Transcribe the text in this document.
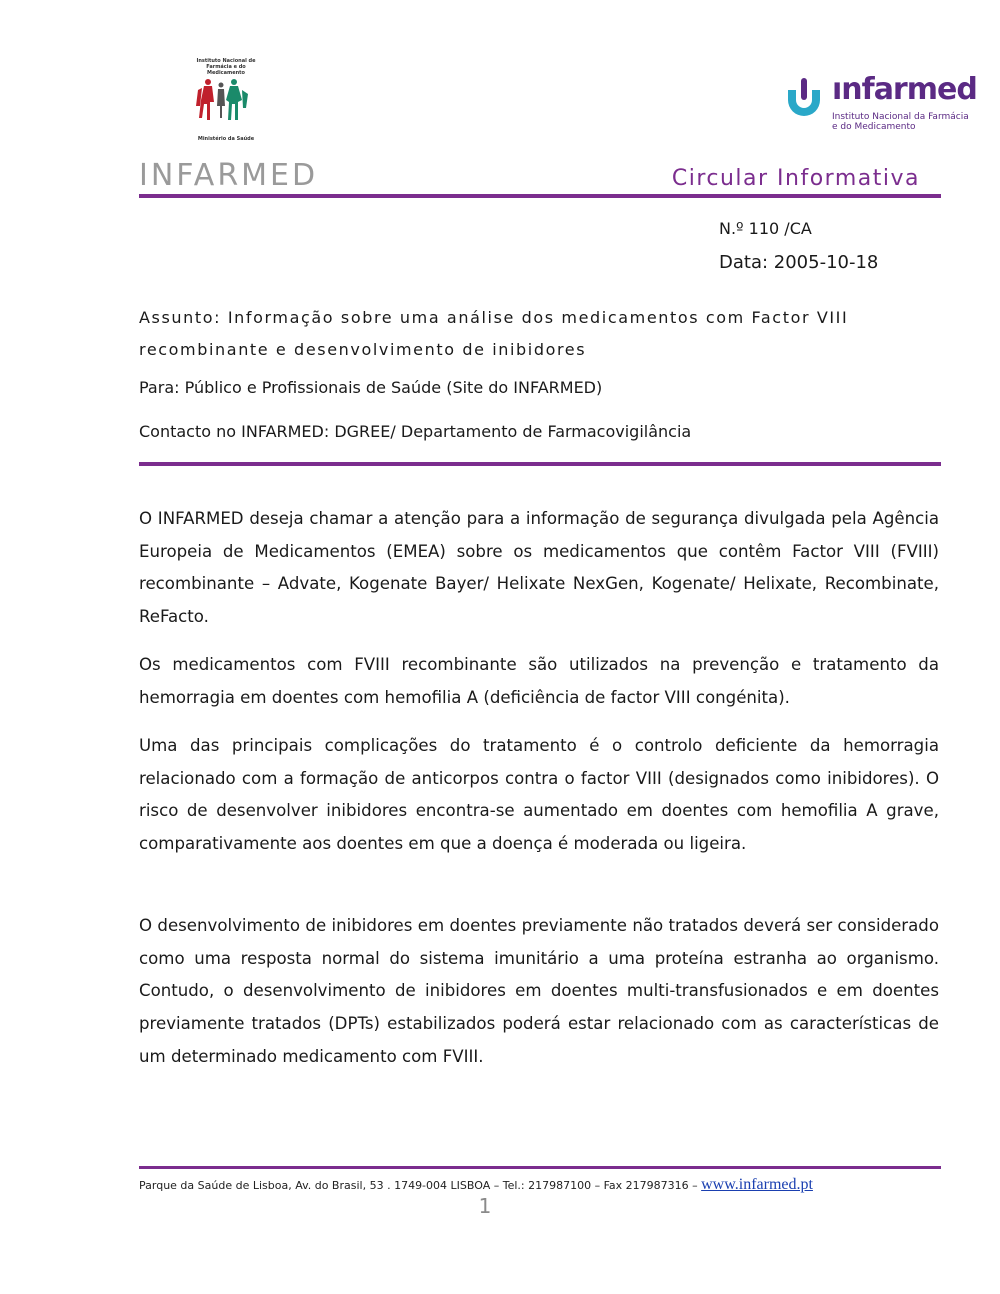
Instituto Nacional de Farmácia e do Medicamento
Ministério da Saúde
ınfarmed
Instituto Nacional da Farmácia e do Medicamento
INFARMED	Circular Informativa
N.º 110 /CA
Data: 2005-10-18
Assunto: Informação sobre uma análise dos medicamentos com Factor VIII recombinante e desenvolvimento de inibidores
Para: Público e Profissionais de Saúde (Site do INFARMED)
Contacto no INFARMED: DGREE/ Departamento de Farmacovigilância

O INFARMED deseja chamar a atenção para a informação de segurança divulgada pela Agência Europeia de Medicamentos (EMEA) sobre os medicamentos que contêm Factor VIII (FVIII) recombinante – Advate, Kogenate Bayer/ Helixate NexGen, Kogenate/ Helixate, Recombinate, ReFacto.

Os medicamentos com FVIII recombinante são utilizados na prevenção e tratamento da hemorragia em doentes com hemofilia A (deficiência de factor VIII congénita).

Uma das principais complicações do tratamento é o controlo deficiente da hemorragia relacionado com a formação de anticorpos contra o factor VIII (designados como inibidores). O risco de desenvolver inibidores encontra-se aumentado em doentes com hemofilia A grave, comparativamente aos doentes em que a doença é moderada ou ligeira.

O desenvolvimento de inibidores em doentes previamente não tratados deverá ser considerado como uma resposta normal do sistema imunitário a uma proteína estranha ao organismo. Contudo, o desenvolvimento de inibidores em doentes multi-transfusionados e em doentes previamente tratados (DPTs) estabilizados poderá estar relacionado com as características de um determinado medicamento com FVIII.

Parque da Saúde de Lisboa, Av. do Brasil, 53 . 1749-004 LISBOA – Tel.: 217987100 – Fax 217987316 – www.infarmed.pt
1
